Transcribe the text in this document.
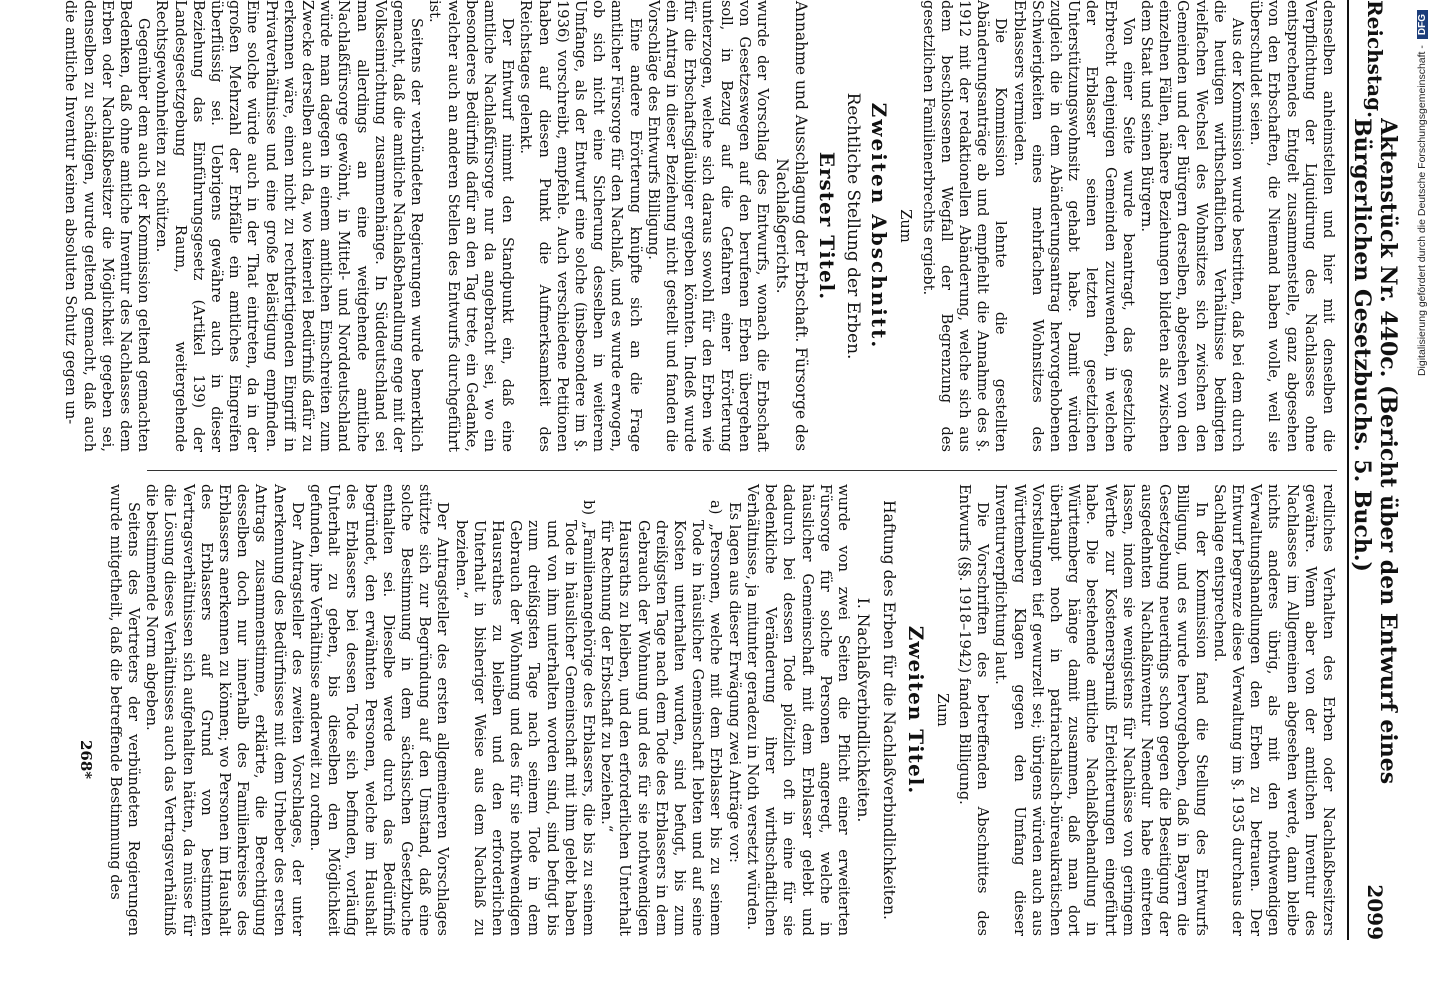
Reichstag.
Aktenstück Nr. 440c. (Bericht über den Entwurf eines Bürgerlichen Gesetzbuchs. 5. Buch.)
2099

denselben anheimstellen und hier mit denselben die Verpflichtung der Liquidirung des Nachlasses ohne entsprechendes Entgelt zusammenstelle, ganz abgesehen von den Erbschaften, die Niemand haben wolle, weil sie überschuldet seien.

Aus der Kommission wurde bestritten, daß bei dem durch die heutigen wirthschaftlichen Verhältnisse bedingten vielfachen Wechsel des Wohnsitzes sich zwischen den Gemeinden und der Bürgern derselben, abgesehen von den einzelnen Fällen, nähere Beziehungen bildeten als zwischen dem Staat und seinen Bürgern.

Von einer Seite wurde beantragt, das gesetzliche Erbrecht denjenigen Gemeinden zuzuwenden, in welchen der Erblasser seinen letzten gesetzlichen Unterstützungswohnsitz gehabt habe. Damit würden zugleich die in dem Abänderungsantrag hervorgehobenen Schwierigkeiten eines mehrfachen Wohnsitzes des Erblassers vermieden.

Die Kommission lehnte die gestellten Abänderungsanträge ab und empfiehlt die Annahme des §. 1912 mit der redaktionellen Abänderung, welche sich aus dem beschlossenen Wegfall der Begrenzung des gesetzlichen Familienerbrechts ergiebt.

Zum

Zweiten Abschnitt.

Rechtliche Stellung der Erben.

Erster Titel.

Annahme und Ausschlagung der Erbschaft. Fürsorge des Nachlaßgerichts.

wurde der Vorschlag des Entwurfs, wonach die Erbschaft von Gesetzeswegen auf den berufenen Erben übergehen soll, in Bezug auf die Gefahren einer Erörterung unterzogen, welche sich daraus sowohl für den Erben wie für die Erbschaftsgläubiger ergeben könnten. Indeß wurde ein Antrag in dieser Beziehung nicht gestellt und fanden die Vorschläge des Entwurfs Billigung.

Eine andere Erörterung knüpfte sich an die Frage amtlicher Fürsorge für den Nachlaß, und es wurde erwogen, ob sich nicht eine Sicherung desselben in weiterem Umfange, als der Entwurf eine solche (insbesondere im §. 1936) vorschreibt, empfehle. Auch verschiedene Petitionen haben auf diesen Punkt die Aufmerksamkeit des Reichstages gelenkt.

Der Entwurf nimmt den Standpunkt ein, daß eine amtliche Nachlaßfürsorge nur da angebracht sei, wo ein besonderes Bedürfniß dafür an den Tag trete, ein Gedanke, welcher auch an anderen Stellen des Entwurfs durchgeführt ist.

Seitens der verbündeten Regierungen wurde bemerklich gemacht, daß die amtliche Nachlaßbehandlung enge mit der Volkseinrichtung zusammenhänge. In Süddeutschland sei man allerdings an eine weitgehende amtliche Nachlaßfürsorge gewöhnt, in Mittel- und Norddeutschland würde man dagegen in einem amtlichen Einschreiten zum Zwecke derselben auch da, wo keinerlei Bedürfniß dafür zu erkennen wäre, einen nicht zu rechtfertigenden Eingriff in Privatverhältnisse und eine große Belästigung empfinden. Eine solche würde auch in der That eintreten, da in der großen Mehrzahl der Erbfälle ein amtliches Eingreifen überflüssig sei. Uebrigens gewähre auch in dieser Beziehung das Einführungsgesetz (Artikel 139) der Landesgesetzgebung Raum, weitergehende Rechtsgewohnheiten zu schützen.

Gegenüber dem auch der Kommission geltend gemachten Bedenken, daß ohne amtliche Inventur des Nachlasses dem Erben oder Nachlaßbesitzer die Möglichkeit gegeben sei, denselben zu schädigen, wurde geltend gemacht, daß auch die amtliche Inventur keinen absoluten Schutz gegen un-

redliches Verhalten des Erben oder Nachlaßbesitzers gewähre. Wenn aber von der amtlichen Inventur des Nachlasses im Allgemeinen abgesehen werde, dann bleibe nichts anderes übrig, als mit den nothwendigen Verwaltungshandlungen den Erben zu betrauen. Der Entwurf begrenze diese Verwaltung im §. 1935 durchaus der Sachlage entsprechend.

In der Kommission fand die Stellung des Entwurfs Billigung, und es wurde hervorgehoben, daß in Bayern die Gesetzgebung neuerdings schon gegen die Beseitigung der ausgedehnten Nachlaßinventur Nemedur habe eintreten lassen, indem sie wenigstens für Nachlässe von geringem Werthe zur Kostenersparniß Erleichterungen eingeführt habe. Die bestehende amtliche Nachlaßbehandlung in Württemberg hänge damit zusammen, daß man dort überhaupt noch in patriarchalisch-büreaukratischen Vorstellungen tief gewurzelt sei; übrigens würden auch aus Württemberg Klagen gegen den Umfang dieser Inventurverpflichtung laut.

Die Vorschriften des betreffenden Abschnittes des Entwurfs (§§. 1918–1942) fanden Billigung.

Zum

Zweiten Titel.

Haftung des Erben für die Nachlaßverbindlichkeiten.

I. Nachlaßverbindlichkeiten.

wurde von zwei Seiten die Pflicht einer erweiterten Fürsorge für solche Personen angeregt, welche in häuslicher Gemeinschaft mit dem Erblasser gelebt und dadurch bei dessen Tode plötzlich oft in eine für sie bedenkliche Veränderung ihrer wirthschaftlichen Verhältnisse, ja mitunter geradezu in Noth versetzt würden.

Es lagen aus dieser Erwägung zwei Anträge vor:

a) „Personen, welche mit dem Erblasser bis zu seinem Tode in häuslicher Gemeinschaft lebten und auf seine Kosten unterhalten wurden, sind befugt, bis zum dreißigsten Tage nach dem Tode des Erblassers in dem Gebrauch der Wohnung und des für sie nothwendigen Hausraths zu bleiben, und den erforderlichen Unterhalt für Rechnung der Erbschaft zu beziehen.“

b) „Familienangehörige des Erblassers, die bis zu seinem Tode in häuslicher Gemeinschaft mit ihm gelebt haben und von ihm unterhalten worden sind, sind befugt bis zum dreißigsten Tage nach seinem Tode in dem Gebrauch der Wohnung und des für sie nothwendigen Hausrathes zu bleiben und den erforderlichen Unterhalt in bisheriger Weise aus dem Nachlaß zu beziehen.“

Der Antragsteller des ersten allgemeineren Vorschlages stützte sich zur Begründung auf den Umstand, daß eine solche Bestimmung in dem sächsischen Gesetzbuche enthalten sei. Dieselbe werde durch das Bedürfniß begründet, den erwähnten Personen, welche im Haushalt des Erblassers bei dessen Tode sich befinden, vorläufig Unterhalt zu geben, bis dieselben den Möglichkeit gefunden, ihre Verhältnisse anderweit zu ordnen.

Der Antragsteller des zweiten Vorschlages, der unter Anerkennung des Bedürfnisses mit dem Urheber des ersten Antrags zusammenstimme, erklärte, die Berechtigung desselben doch nur innerhalb des Familienkreises des Erblassers anerkennen zu können; wo Personen im Haushalt des Erblassers auf Grund von bestimmten Vertragsverhältnissen sich aufgehalten hätten, da müsse für die Lösung dieses Verhältnisses auch das Vertragsverhältniß die bestimmende Norm abgeben.

Seitens des Vertreters der verbündeten Regierungen wurde mitgetheilt, daß die betreffende Bestimmung des

268*
Digitalisierung gefördert durch die Deutsche Forschungsgemeinschaft -
DFG
